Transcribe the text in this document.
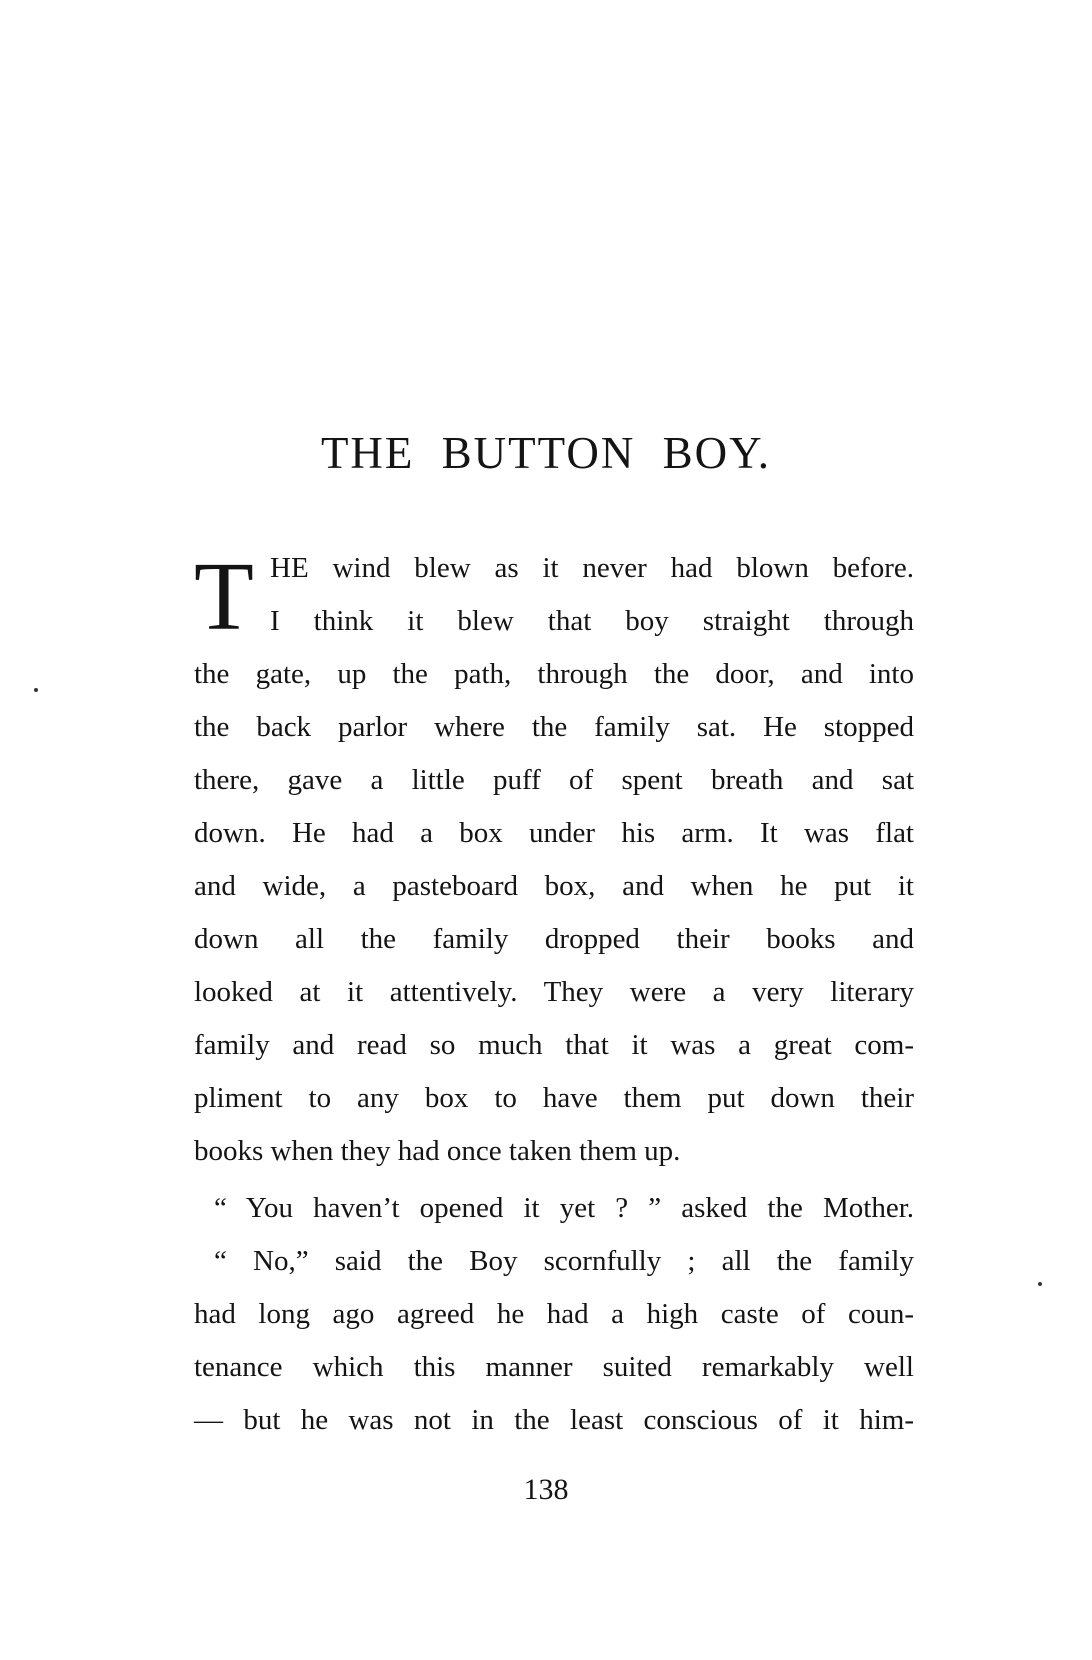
THE BUTTON BOY.
T HE wind blew as it never had blown before.
I think it blew that boy straight through
the gate, up the path, through the door, and into
the back parlor where the family sat. He stopped
there, gave a little puff of spent breath and sat
down. He had a box under his arm. It was flat
and wide, a pasteboard box, and when he put it
down all the family dropped their books and
looked at it attentively. They were a very literary
family and read so much that it was a great com-
pliment to any box to have them put down their
books when they had once taken them up.
“ You haven’t opened it yet ? ” asked the Mother.
“ No,” said the Boy scornfully ; all the family
had long ago agreed he had a high caste of coun-
tenance which this manner suited remarkably well
— but he was not in the least conscious of it him-
138
